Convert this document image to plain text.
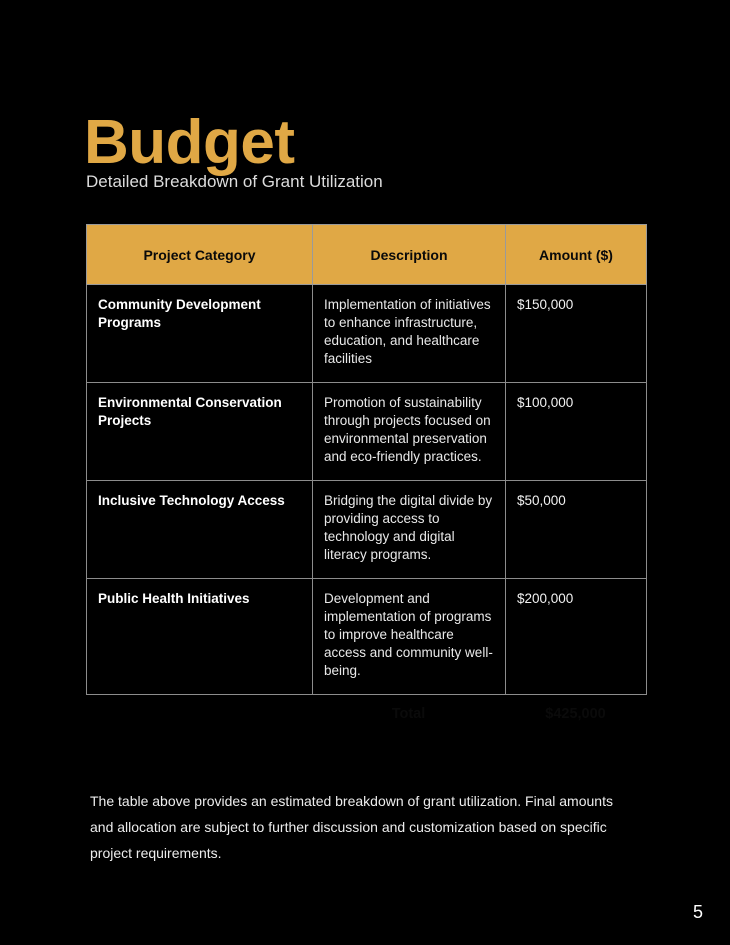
Budget
Detailed Breakdown of Grant Utilization
Project Category	Description	Amount ($)
Community Development Programs	Implementation of initiatives to enhance infrastructure, education, and healthcare facilities	$150,000
Environmental Conservation Projects	Promotion of sustainability through projects focused on environmental preservation and eco-friendly practices.	$100,000
Inclusive Technology Access	Bridging the digital divide by providing access to technology and digital literacy programs.	$50,000
Public Health Initiatives	Development and implementation of programs to improve healthcare access and community well-being.	$200,000
	Total	$425,000

The table above provides an estimated breakdown of grant utilization. Final amounts and allocation are subject to further discussion and customization based on specific project requirements.

5
